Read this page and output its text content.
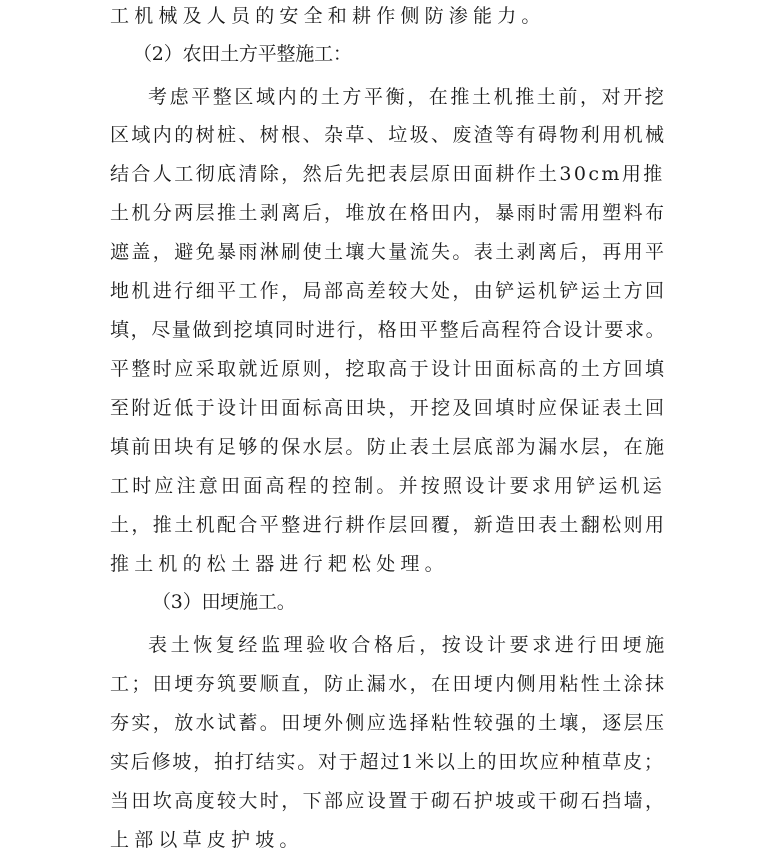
工机械及人员的安全和耕作侧防渗能力。
（2）农田土方平整施工：
考虑平整区域内的土方平衡，在推土机推土前，对开挖
区域内的树桩、树根、杂草、垃圾、废渣等有碍物利用机械
结合人工彻底清除，然后先把表层原田面耕作土30cm用推
土机分两层推土剥离后，堆放在格田内，暴雨时需用塑料布
遮盖，避免暴雨淋刷使土壤大量流失。表土剥离后，再用平
地机进行细平工作，局部高差较大处，由铲运机铲运土方回
填，尽量做到挖填同时进行，格田平整后高程符合设计要求。
平整时应采取就近原则，挖取高于设计田面标高的土方回填
至附近低于设计田面标高田块，开挖及回填时应保证表土回
填前田块有足够的保水层。防止表土层底部为漏水层，在施
工时应注意田面高程的控制。并按照设计要求用铲运机运
土，推土机配合平整进行耕作层回覆，新造田表土翻松则用
推土机的松土器进行耙松处理。
（3）田埂施工。
表土恢复经监理验收合格后，按设计要求进行田埂施
工；田埂夯筑要顺直，防止漏水，在田埂内侧用粘性土涂抹
夯实，放水试蓄。田埂外侧应选择粘性较强的土壤，逐层压
实后修坡，拍打结实。对于超过1米以上的田坎应种植草皮；
当田坎高度较大时，下部应设置于砌石护坡或干砌石挡墙，
上部以草皮护坡。
